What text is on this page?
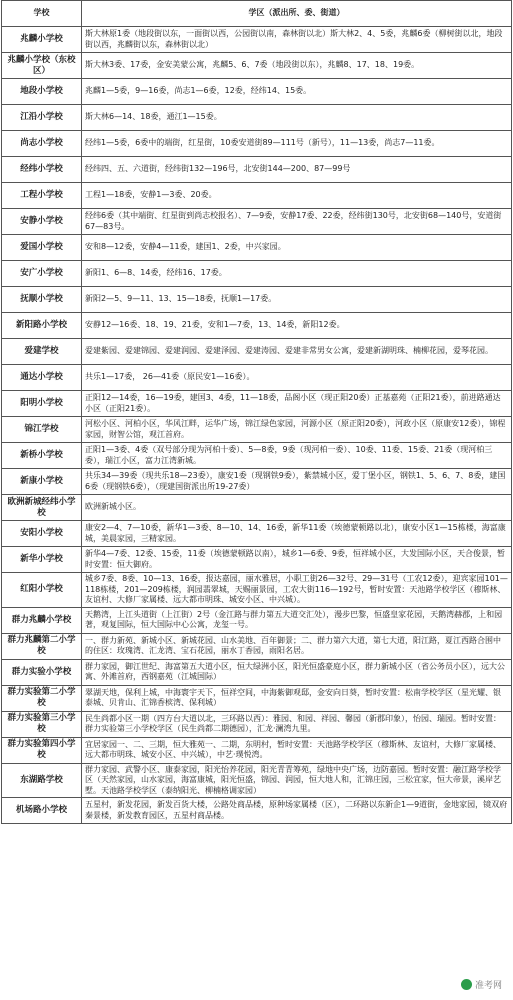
学校	学区（派出所、委、街道）
兆麟小学校	斯大林原1委（地段街以东，一面街以西，公园街以南，森林街以北）斯大林2、4、5委，兆麟6委（柳树街以北，地段街以西，兆麟街以东，森林街以北）
兆麟小学校（东校区）	斯大林3委、17委，金安美蒙公寓，兆麟5、6、7委（地段街以东），兆麟8、17、18、19委。
地段小学校	兆麟1—5委，9—16委，尚志1—6委，12委，经纬14、15委。
江沿小学校	斯大林6—14、18委，通江1—15委。
尚志小学校	经纬1—5委，6委中的端街，红星街，10委安道街89—111号（新号），11—13委，尚志7—11委。
经纬小学校	经纬四、五、六道街，经纬街132—196号，北安街144—200、87—99号
工程小学校	工程1—18委，安静1—3委、20委。
安静小学校	经纬6委（其中端街、红星街到尚志校报名）、7—9委，安静17委、22委，经纬街130号，北安街68—140号，安道街67—83号。
爱国小学校	安和8—12委，安静4—11委，建国1、2委，中兴家园。
安广小学校	新阳1、6—8、14委，经纬16、17委。
抚顺小学校	新阳2—5、9—11、13、15—18委，抚顺1—17委。
新阳路小学校	安静12—16委、18、19、21委，安和1—7委，13、14委，新阳12委。
爱建学校	爱建紫园、爱建锦园、爱建润园、爱建泽园、爱建涛园、爱建非常男女公寓，爱建新湖明珠、楠柳花园，爱琴花园。
通达小学校	共乐1—17委， 26—41委（原民安1—16委）。
阳明小学校	正阳12—14委，16—19委，建国3、4委，11—18委，品阁小区（现正阳20委）正基嘉苑（正阳21委），前进路通达小区（正阳21委）。
锦江学校	河松小区、河柏小区，华风江畔，运华广场，锦江绿色家园，河源小区（原正阳20委），河政小区（原康安12委），锦程家园，财智公馆，观江首府。
新桥小学校	正阳1—3委、4委（双号部分现为河柏十委）、5—8委，9委（现河柏一委）、10委、11委、15委、21委（现河柏三委），瑞江小区，富力江湾新城。
新康小学校	共乐34—39委（现共乐18—23委），康安1委（现钢铁9委），紫禁城小区，爱丁堡小区，钢铁1、5、6、7、8委，建国6委（现钢铁6委），（现建国街派出所19-27委）
欧洲新城经纬小学校	欧洲新城小区。
安阳小学校	康安2—4、7—10委，新华1—3委、8—10、14、16委，新华11委（埃德蒙顿路以北），康安小区1—15栋楼，海富康城，美晨家园，三精家园。
新华小学校	新华4—7委、12委、15委，11委（埃德蒙顿路以南），城乡1—6委、9委，恒祥城小区，大发国际小区，天合俊景，暂时安置：恒大御府。
红阳小学校	城乡7委、8委、10—13、16委，报达嘉园，丽水雅居，小职工街26—32号、29—31号（工农12委），迎宾家园101—118栋楼，201—209栋楼，润园翡翠城，天赐丽景园，工农大街116—192号，暂时安置：天池路学校学区（穆斯林、友谊村、大修厂家属楼、远大都市明珠、城安小区、中兴城）。
群力兆麟小学校	天鹅湾，上江头道街（上江街）2号（金江路与群力第五大道交汇处），漫步巴黎，恒盛皇家花园，天鹅湾赫郡，上和园著，观复国际，恒大国际中心公寓，龙玺一号。
群力兆麟第二小学校	一、群力新苑、新城小区、新城花园、山水美地、百年御景；二、群力第六大道，第七大道，阳江路，夏江西路合围中的住区：玫瑰湾、汇龙湾、宝石花园，丽水丁香园，雨阳名居。
群力实验小学校	群力家园，御江世纪、海富第五大道小区，恒大绿洲小区，阳光恒盛豪庭小区，群力新城小区（省公务员小区），远大公寓、外滩首府，西钢嘉苑（江城国际）
群力实验第二小学校	翠湖天地，保利上城，中海寰宇天下，恒祥空间，中海紫御观邸，金安向日葵，暂时安置：松南学校学区（星光耀、银泰城、贝肯山、汇锦香槟湾、保利城）
群力实验第三小学校	民生尚都小区一期（四方台大道以北，三环路以西）：雅园、和园、祥园、馨园（新郡印象），怡园、瑞园。暂时安置：群力实验第三小学校学区（民生尚都二期德园），汇龙·澜湾九里。
群力实验第四小学校	宜居家园一、二、三期，恒大雅苑一、二期，东明村，暂时安置：天池路学校学区（穆斯林、友谊村，大修厂家属楼、远大都市明珠、城安小区、中兴城），中艺·璞悦湾。
东湖路学校	群力家园、武警小区、康泰家园，阳光怡养花园，阳光青青筹苑，绿地中央广场，边防嘉园。暂时安置：融江路学校学区（天然家园，山水家园，海富康城，阳光恒盛，锦园、润园，恒大地人和，汇锦庄园，三松宜家，恒大帝景，溪岸艺墅。天池路学校学区（泰纳阳光、柳楠格调家园）
机场路小学校	五星村，新发花园，新发百货大楼，公路处商品楼，原种场家属楼（区），二环路以东新企1—9道街，金地家园，镜双府秦景楼，新发教育园区，五星村商品楼。
准考网
